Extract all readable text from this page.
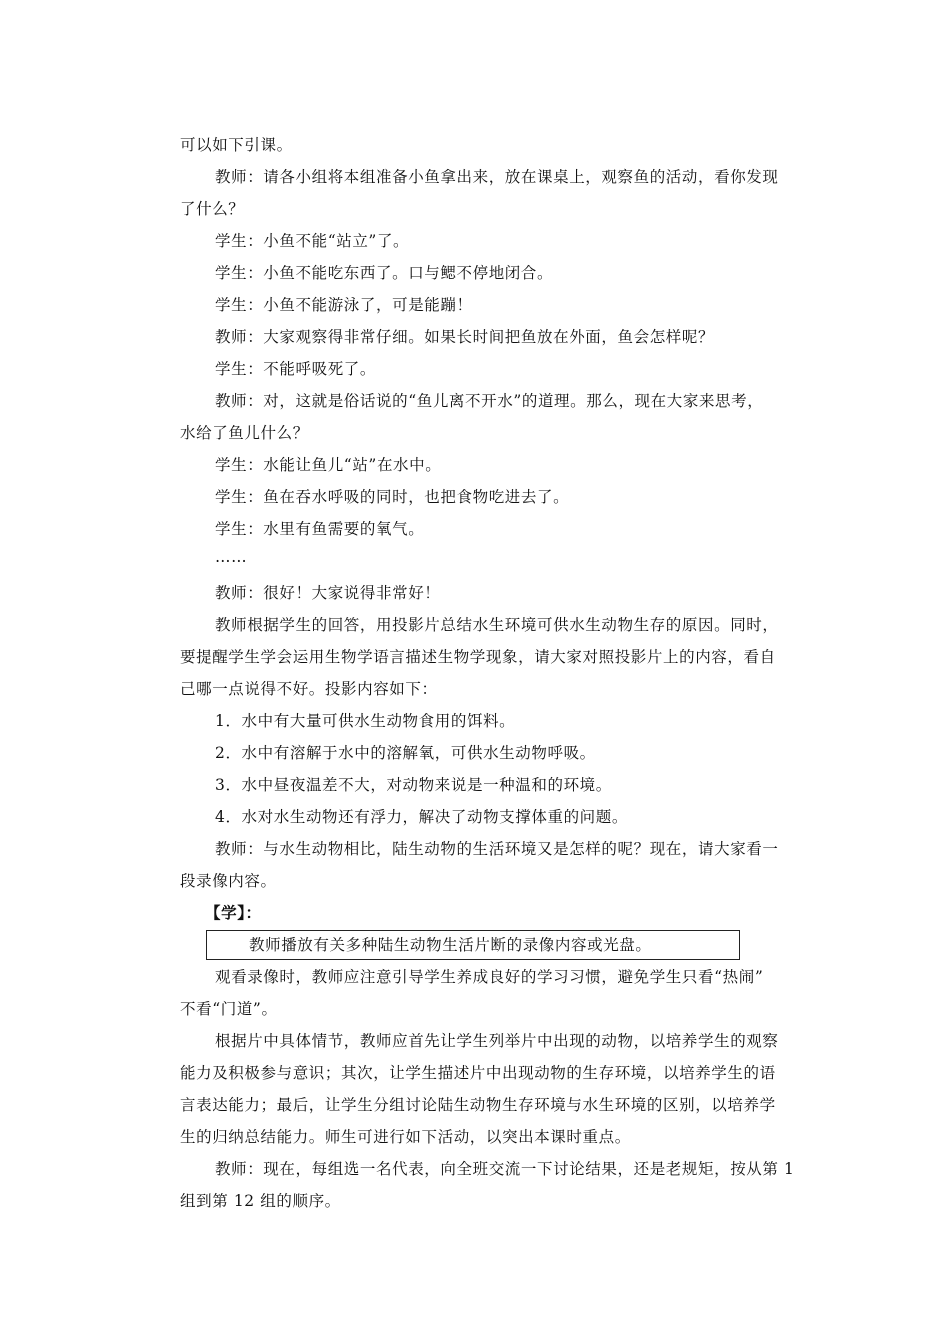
可以如下引课。
教师：请各小组将本组准备小鱼拿出来，放在课桌上，观察鱼的活动，看你发现
了什么？
学生：小鱼不能“站立”了。
学生：小鱼不能吃东西了。口与鳃不停地闭合。
学生：小鱼不能游泳了，可是能蹦！
教师：大家观察得非常仔细。如果长时间把鱼放在外面，鱼会怎样呢？
学生：不能呼吸死了。
教师：对，这就是俗话说的“鱼儿离不开水”的道理。那么，现在大家来思考，
水给了鱼儿什么？
学生：水能让鱼儿“站”在水中。
学生：鱼在吞水呼吸的同时，也把食物吃进去了。
学生：水里有鱼需要的氧气。
……
教师：很好！大家说得非常好！
教师根据学生的回答，用投影片总结水生环境可供水生动物生存的原因。同时，
要提醒学生学会运用生物学语言描述生物学现象，请大家对照投影片上的内容，看自
己哪一点说得不好。投影内容如下：
1．水中有大量可供水生动物食用的饵料。
2．水中有溶解于水中的溶解氧，可供水生动物呼吸。
3．水中昼夜温差不大，对动物来说是一种温和的环境。
4．水对水生动物还有浮力，解决了动物支撑体重的问题。
教师：与水生动物相比，陆生动物的生活环境又是怎样的呢？现在，请大家看一
段录像内容。
【学】：
教师播放有关多种陆生动物生活片断的录像内容或光盘。
观看录像时，教师应注意引导学生养成良好的学习习惯，避免学生只看“热闹”
不看“门道”。
根据片中具体情节，教师应首先让学生列举片中出现的动物，以培养学生的观察
能力及积极参与意识；其次，让学生描述片中出现动物的生存环境，以培养学生的语
言表达能力；最后，让学生分组讨论陆生动物生存环境与水生环境的区别，以培养学
生的归纳总结能力。师生可进行如下活动，以突出本课时重点。
教师：现在，每组选一名代表，向全班交流一下讨论结果，还是老规矩，按从第 1
组到第 12 组的顺序。
